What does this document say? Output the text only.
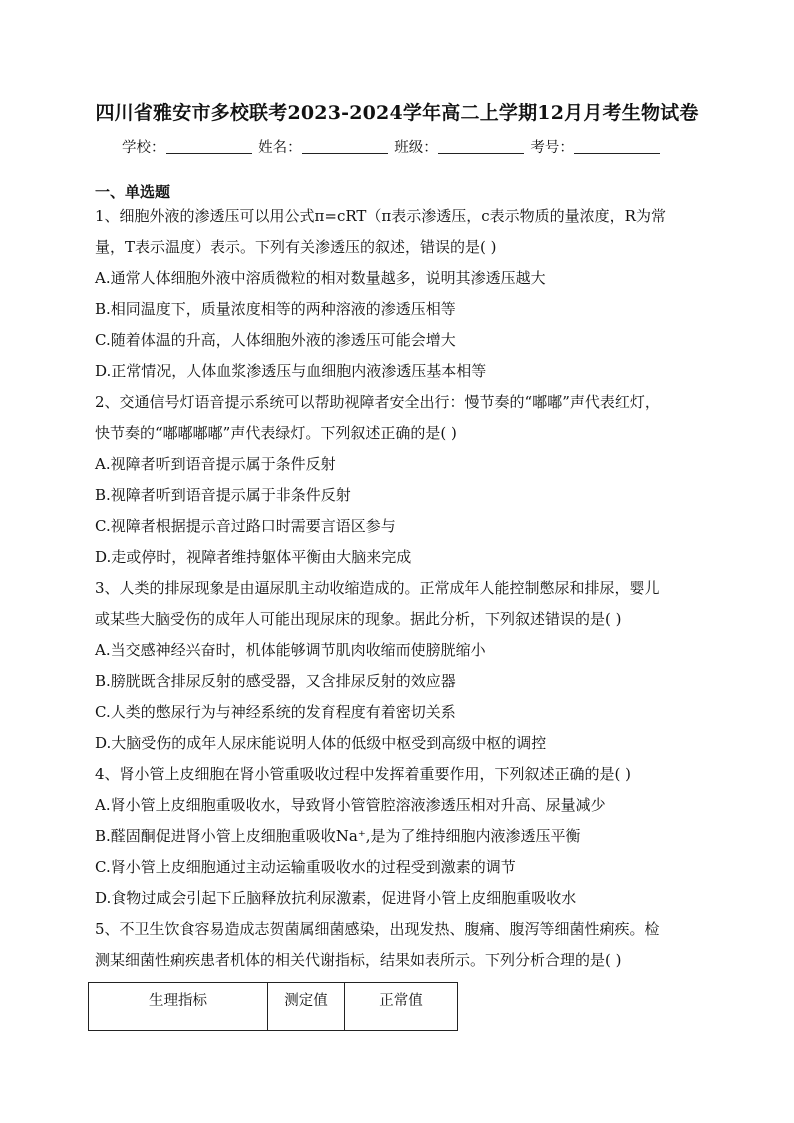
四川省雅安市多校联考2023-2024学年高二上学期12月月考生物试卷
学校：	姓名：	班级：	考号：
一、单选题
1、细胞外液的渗透压可以用公式π=cRT（π表示渗透压，c表示物质的量浓度，R为常
量，T表示温度）表示。下列有关渗透压的叙述，错误的是( )
A.通常人体细胞外液中溶质微粒的相对数量越多，说明其渗透压越大
B.相同温度下，质量浓度相等的两种溶液的渗透压相等
C.随着体温的升高，人体细胞外液的渗透压可能会增大
D.正常情况，人体血浆渗透压与血细胞内液渗透压基本相等
2、交通信号灯语音提示系统可以帮助视障者安全出行：慢节奏的“嘟嘟”声代表红灯，
快节奏的“嘟嘟嘟嘟”声代表绿灯。下列叙述正确的是( )
A.视障者听到语音提示属于条件反射
B.视障者听到语音提示属于非条件反射
C.视障者根据提示音过路口时需要言语区参与
D.走或停时，视障者维持躯体平衡由大脑来完成
3、人类的排尿现象是由逼尿肌主动收缩造成的。正常成年人能控制憋尿和排尿，婴儿
或某些大脑受伤的成年人可能出现尿床的现象。据此分析，下列叙述错误的是( )
A.当交感神经兴奋时，机体能够调节肌肉收缩而使膀胱缩小
B.膀胱既含排尿反射的感受器，又含排尿反射的效应器
C.人类的憋尿行为与神经系统的发育程度有着密切关系
D.大脑受伤的成年人尿床能说明人体的低级中枢受到高级中枢的调控
4、肾小管上皮细胞在肾小管重吸收过程中发挥着重要作用，下列叙述正确的是( )
A.肾小管上皮细胞重吸收水，导致肾小管管腔溶液渗透压相对升高、尿量减少
B.醛固酮促进肾小管上皮细胞重吸收Na⁺,是为了维持细胞内液渗透压平衡
C.肾小管上皮细胞通过主动运输重吸收水的过程受到激素的调节
D.食物过咸会引起下丘脑释放抗利尿激素，促进肾小管上皮细胞重吸收水
5、不卫生饮食容易造成志贺菌属细菌感染，出现发热、腹痛、腹泻等细菌性痢疾。检
测某细菌性痢疾患者机体的相关代谢指标，结果如表所示。下列分析合理的是( )
生理指标	测定值	正常值
